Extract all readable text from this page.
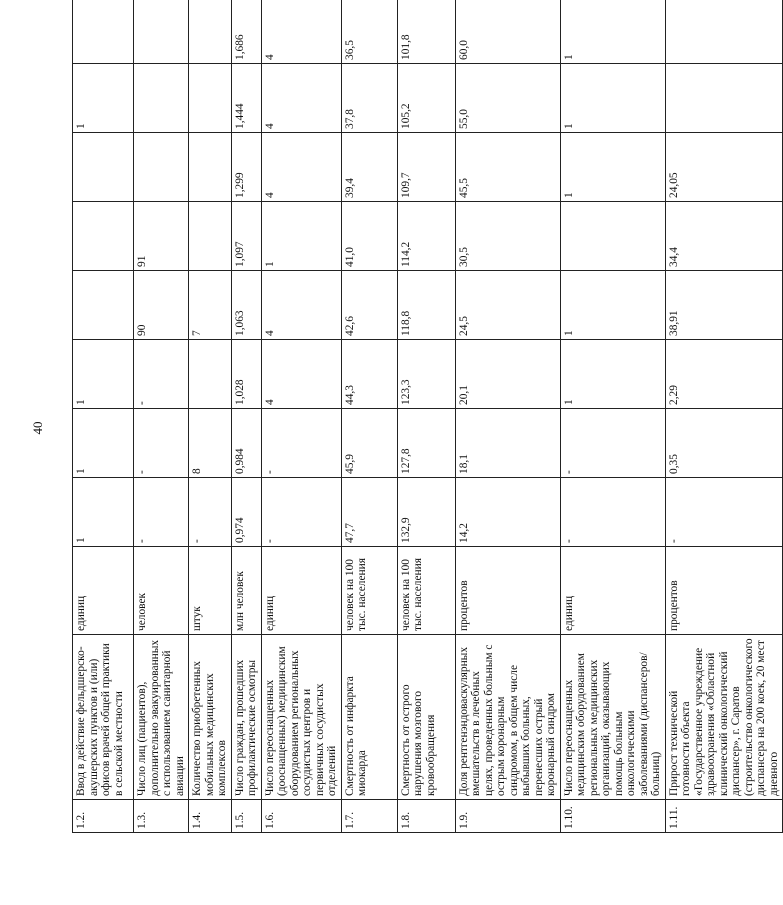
40
1.2.	Ввод в действие фельдшерско-акушерских пунктов и (или) офисов врачей общей практики в сельской местности	единиц	1	1	1				1	
1.3.	Число лиц (пациентов), дополнительно эвакуированных с использованием санитарной авиации	человек	-	-	-	90	91			
1.4.	Количество приобретенных мобильных медицинских комплексов	штук	-	8		7				
1.5.	Число граждан, прошедших профилактические осмотры	млн человек	0,974	0,984	1,028	1,063	1,097	1,299	1,444	1,686
1.6.	Число переоснащенных (дооснащенных) медицинским оборудованием региональных сосудистых центров и первичных сосудистых отделений	единиц	-	-	4	4	1	4	4	4
1.7.	Смертность от инфаркта миокарда	человек на 100 тыс. населения	47,7	45,9	44,3	42,6	41,0	39,4	37,8	36,5
1.8.	Смертность от острого нарушения мозгового кровообращения	человек на 100 тыс. населения	132,9	127,8	123,3	118,8	114,2	109,7	105,2	101,8
1.9.	Доля рентгенэндоваскулярных вмешательств в лечебных целях, проведенных больным с острым коронарным синдромом, в общем числе выбывших больных, перенесших острый коронарный синдром	процентов	14,2	18,1	20,1	24,5	30,5	45,5	55,0	60,0
1.10.	Число переоснащенных медицинским оборудованием региональных медицинских организаций, оказывающих помощь больным онкологическими заболеваниями (диспансеров/больниц)	единиц	-	-	1	1		1	1	1
1.11.	Прирост технической готовности объекта «Государственное учреждение здравоохранения «Областной клинический онкологический диспансер», г. Саратов (строительство онкологического диспансера на 200 коек, 20 мест дневного	процентов	-	0,35	2,29	38,91	34,4	24,05		
